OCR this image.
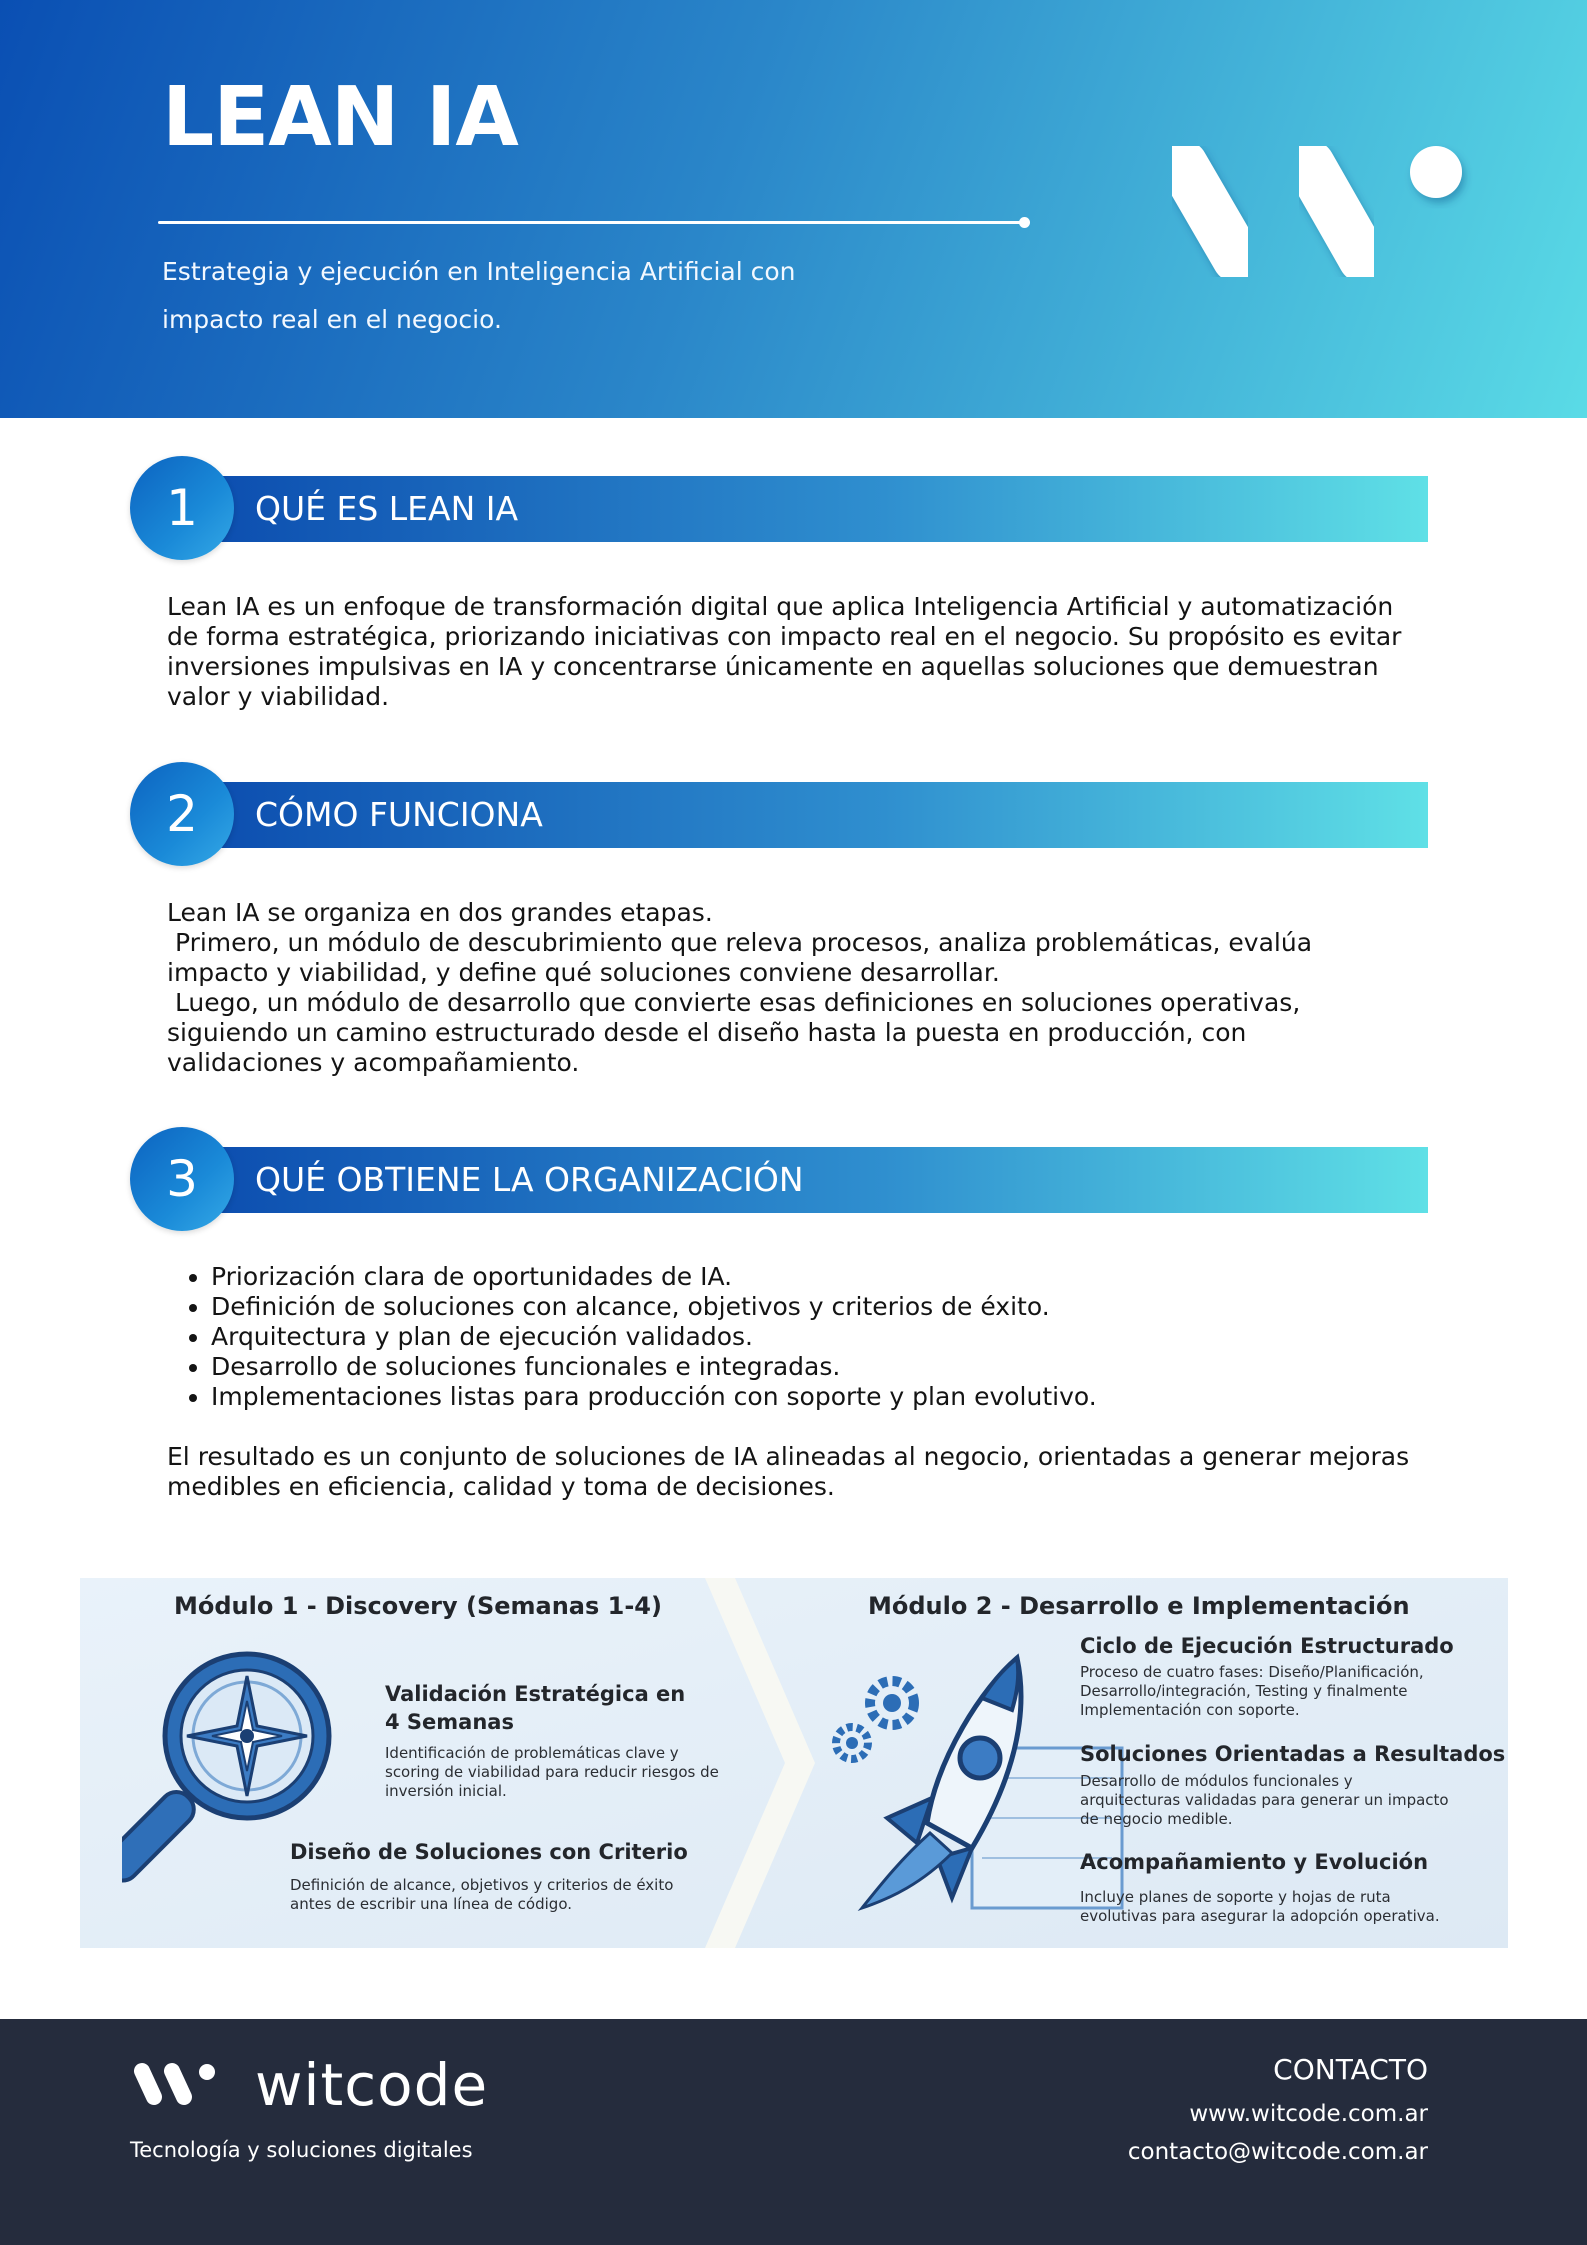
LEAN IA
Estrategia y ejecución en Inteligencia Artificial con
impacto real en el negocio.
1 QUÉ ES LEAN IA
Lean IA es un enfoque de transformación digital que aplica Inteligencia Artificial y automatización
de forma estratégica, priorizando iniciativas con impacto real en el negocio. Su propósito es evitar
inversiones impulsivas en IA y concentrarse únicamente en aquellas soluciones que demuestran
valor y viabilidad.
2 CÓMO FUNCIONA
Lean IA se organiza en dos grandes etapas.
Primero, un módulo de descubrimiento que releva procesos, analiza problemáticas, evalúa
impacto y viabilidad, y define qué soluciones conviene desarrollar.
Luego, un módulo de desarrollo que convierte esas definiciones en soluciones operativas,
siguiendo un camino estructurado desde el diseño hasta la puesta en producción, con
validaciones y acompañamiento.
3 QUÉ OBTIENE LA ORGANIZACIÓN
• Priorización clara de oportunidades de IA.
• Definición de soluciones con alcance, objetivos y criterios de éxito.
• Arquitectura y plan de ejecución validados.
• Desarrollo de soluciones funcionales e integradas.
• Implementaciones listas para producción con soporte y plan evolutivo.
El resultado es un conjunto de soluciones de IA alineadas al negocio, orientadas a generar mejoras
medibles en eficiencia, calidad y toma de decisiones.
Módulo 1 - Discovery (Semanas 1-4)
Validación Estratégica en
4 Semanas
Identificación de problemáticas clave y
scoring de viabilidad para reducir riesgos de
inversión inicial.
Diseño de Soluciones con Criterio
Definición de alcance, objetivos y criterios de éxito
antes de escribir una línea de código.
Módulo 2 - Desarrollo e Implementación
Ciclo de Ejecución Estructurado
Proceso de cuatro fases: Diseño/Planificación,
Desarrollo/integración, Testing y finalmente
Implementación con soporte.
Soluciones Orientadas a Resultados
Desarrollo de módulos funcionales y
arquitecturas validadas para generar un impacto
de negocio medible.
Acompañamiento y Evolución
Incluye planes de soporte y hojas de ruta
evolutivas para asegurar la adopción operativa.
witcode
Tecnología y soluciones digitales
CONTACTO
www.witcode.com.ar
contacto@witcode.com.ar
